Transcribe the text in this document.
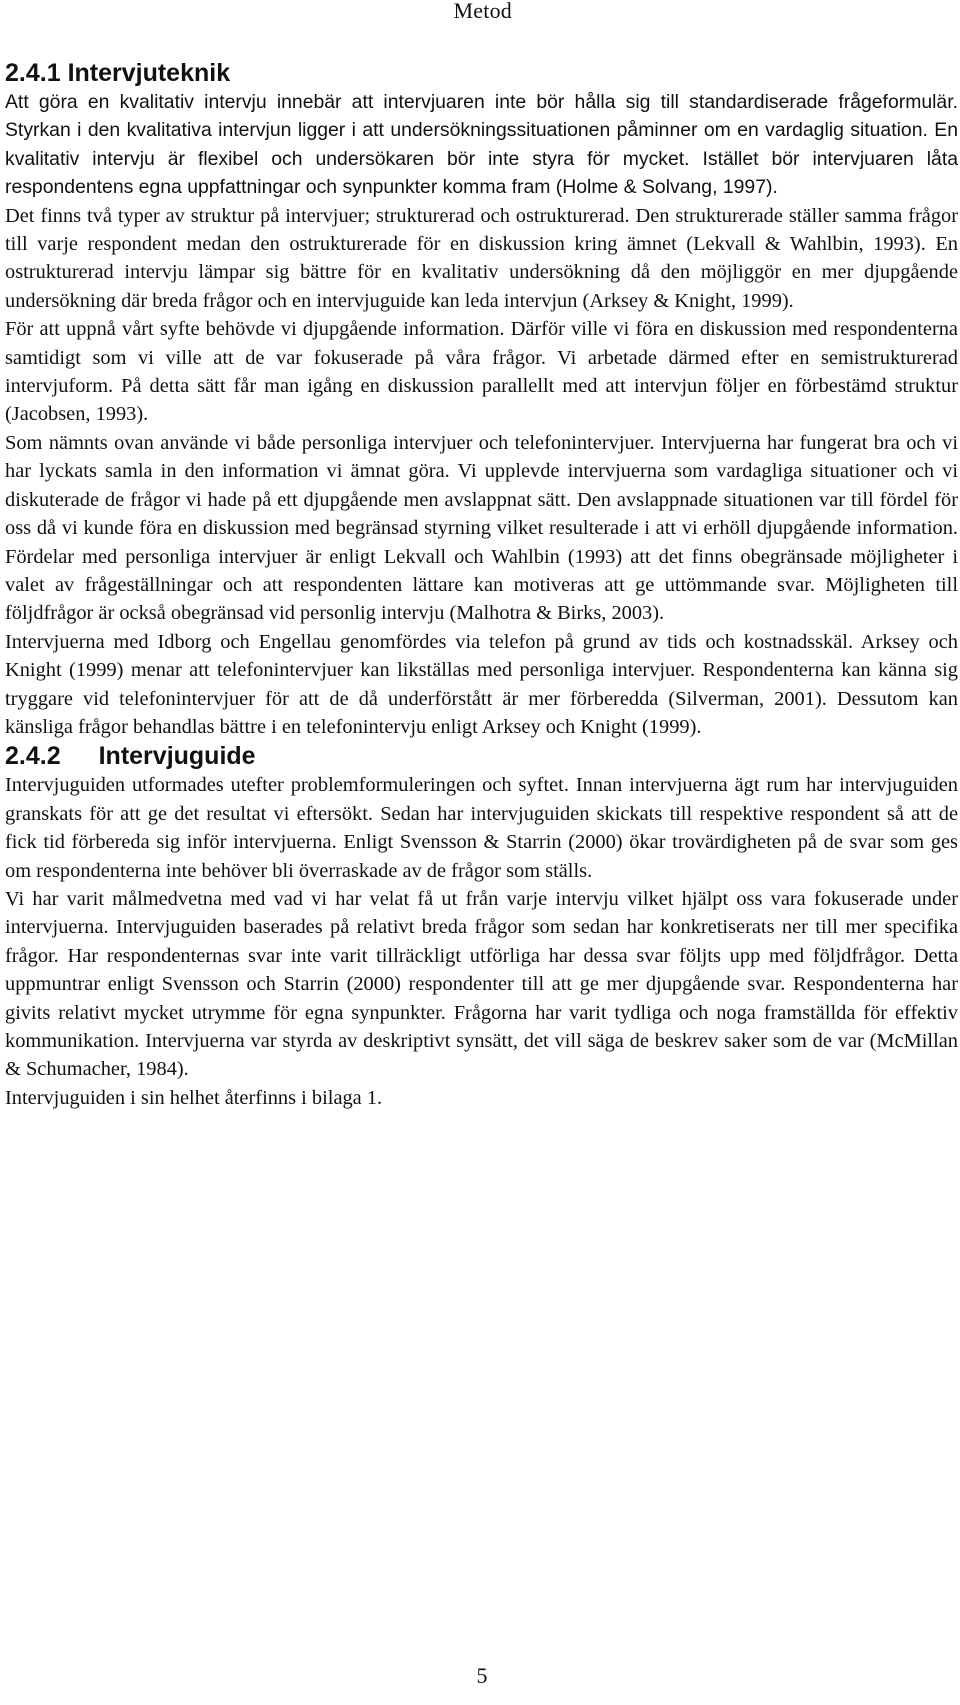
Metod
2.4.1 Intervjuteknik

Att göra en kvalitativ intervju innebär att intervjuaren inte bör hålla sig till standardiserade frågeformulär. Styrkan i den kvalitativa intervjun ligger i att undersökningssituationen påminner om en vardaglig situation. En kvalitativ intervju är flexibel och undersökaren bör inte styra för mycket. Istället bör intervjuaren låta respondentens egna uppfattningar och synpunkter komma fram (Holme & Solvang, 1997).

Det finns två typer av struktur på intervjuer; strukturerad och ostrukturerad. Den strukturerade ställer samma frågor till varje respondent medan den ostrukturerade för en diskussion kring ämnet (Lekvall & Wahlbin, 1993). En ostrukturerad intervju lämpar sig bättre för en kvalitativ undersökning då den möjliggör en mer djupgående undersökning där breda frågor och en intervjuguide kan leda intervjun (Arksey & Knight, 1999).

För att uppnå vårt syfte behövde vi djupgående information. Därför ville vi föra en diskussion med respondenterna samtidigt som vi ville att de var fokuserade på våra frågor. Vi arbetade därmed efter en semistrukturerad intervjuform. På detta sätt får man igång en diskussion parallellt med att intervjun följer en förbestämd struktur (Jacobsen, 1993).

Som nämnts ovan använde vi både personliga intervjuer och telefonintervjuer. Intervjuerna har fungerat bra och vi har lyckats samla in den information vi ämnat göra. Vi upplevde intervjuerna som vardagliga situationer och vi diskuterade de frågor vi hade på ett djupgående men avslappnat sätt. Den avslappnade situationen var till fördel för oss då vi kunde föra en diskussion med begränsad styrning vilket resulterade i att vi erhöll djupgående information. Fördelar med personliga intervjuer är enligt Lekvall och Wahlbin (1993) att det finns obegränsade möjligheter i valet av frågeställningar och att respondenten lättare kan motiveras att ge uttömmande svar. Möjligheten till följdfrågor är också obegränsad vid personlig intervju (Malhotra & Birks, 2003).

Intervjuerna med Idborg och Engellau genomfördes via telefon på grund av tids och kostnadsskäl. Arksey och Knight (1999) menar att telefonintervjuer kan likställas med personliga intervjuer. Respondenterna kan känna sig tryggare vid telefonintervjuer för att de då underförstått är mer förberedda (Silverman, 2001). Dessutom kan känsliga frågor behandlas bättre i en telefonintervju enligt Arksey och Knight (1999).

2.4.2 Intervjuguide

Intervjuguiden utformades utefter problemformuleringen och syftet. Innan intervjuerna ägt rum har intervjuguiden granskats för att ge det resultat vi eftersökt. Sedan har intervjuguiden skickats till respektive respondent så att de fick tid förbereda sig inför intervjuerna. Enligt Svensson & Starrin (2000) ökar trovärdigheten på de svar som ges om respondenterna inte behöver bli överraskade av de frågor som ställs.

Vi har varit målmedvetna med vad vi har velat få ut från varje intervju vilket hjälpt oss vara fokuserade under intervjuerna. Intervjuguiden baserades på relativt breda frågor som sedan har konkretiserats ner till mer specifika frågor. Har respondenternas svar inte varit tillräckligt utförliga har dessa svar följts upp med följdfrågor. Detta uppmuntrar enligt Svensson och Starrin (2000) respondenter till att ge mer djupgående svar. Respondenterna har givits relativt mycket utrymme för egna synpunkter. Frågorna har varit tydliga och noga framställda för effektiv kommunikation. Intervjuerna var styrda av deskriptivt synsätt, det vill säga de beskrev saker som de var (McMillan & Schumacher, 1984).

Intervjuguiden i sin helhet återfinns i bilaga 1.

5
